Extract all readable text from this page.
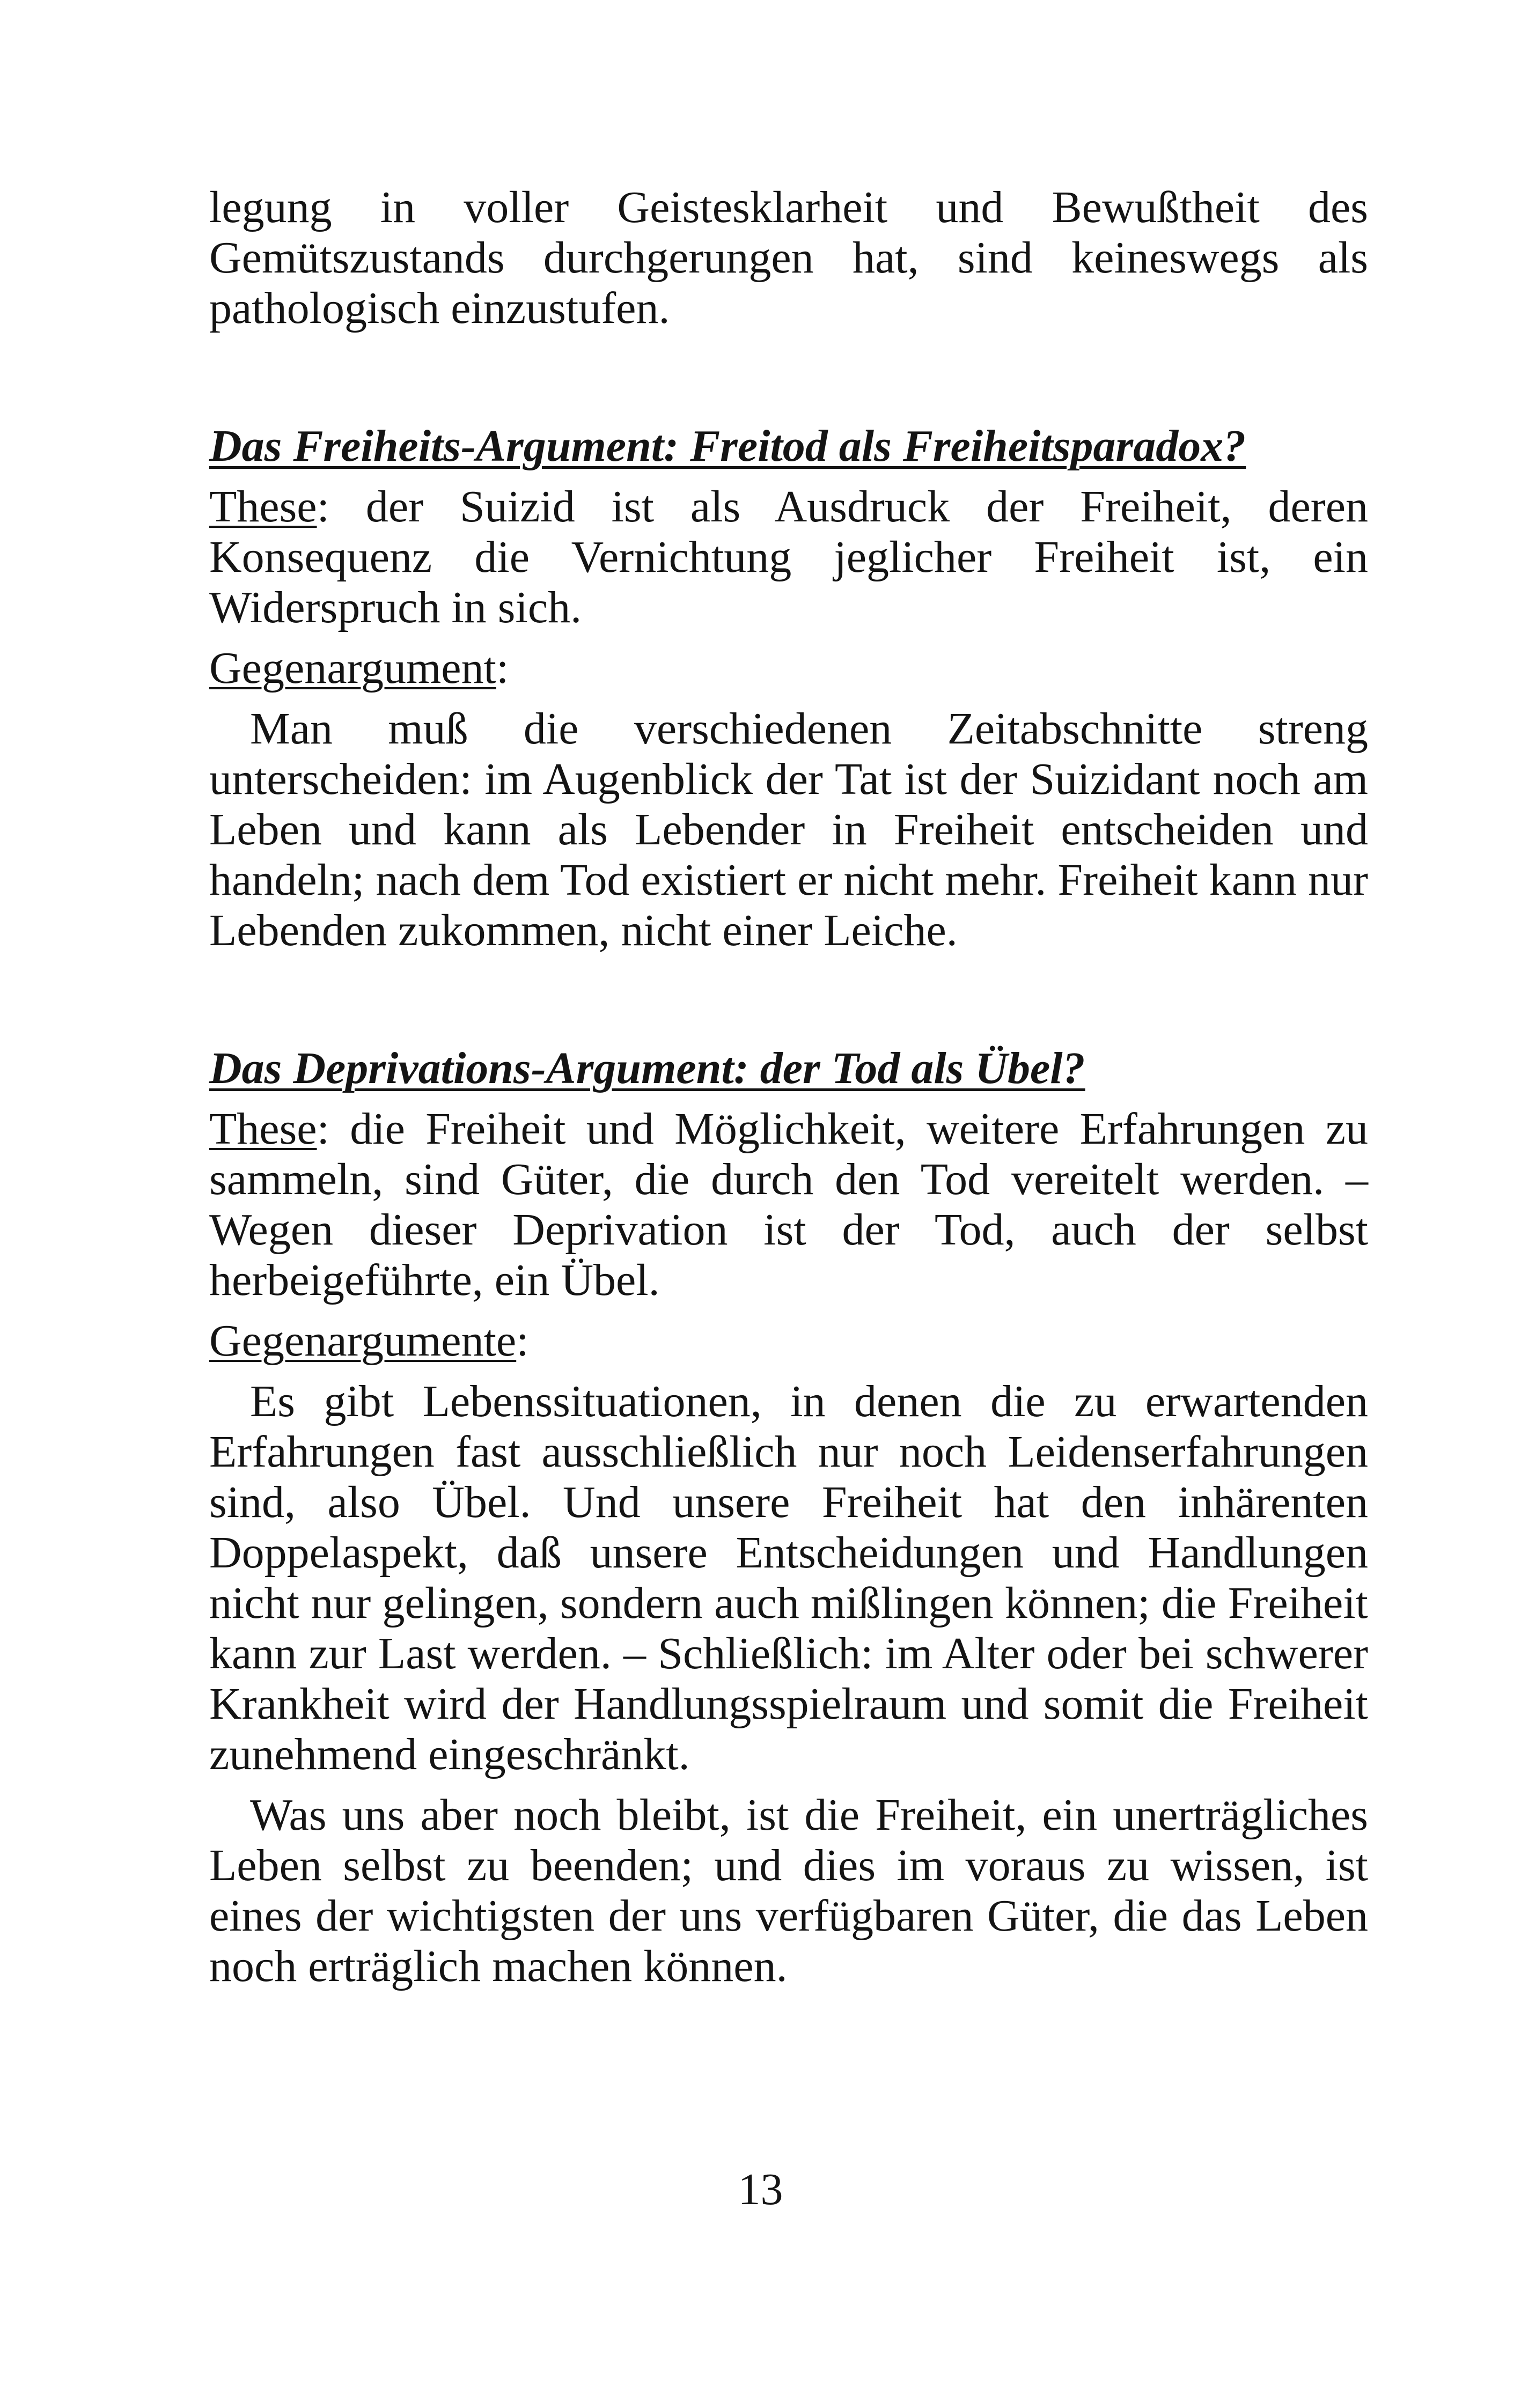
legung in voller Geistesklarheit und Bewußtheit des Gemütszustands durchgerungen hat, sind keineswegs als pathologisch einzustufen.

Das Freiheits-Argument: Freitod als Freiheitsparadox?

These: der Suizid ist als Ausdruck der Freiheit, deren Konsequenz die Vernichtung jeglicher Freiheit ist, ein Widerspruch in sich.

Gegenargument:

Man muß die verschiedenen Zeitabschnitte streng unterscheiden: im Augenblick der Tat ist der Suizidant noch am Leben und kann als Lebender in Freiheit entscheiden und handeln; nach dem Tod existiert er nicht mehr. Freiheit kann nur Lebenden zukommen, nicht einer Leiche.

Das Deprivations-Argument: der Tod als Übel?

These: die Freiheit und Möglichkeit, weitere Erfahrungen zu sammeln, sind Güter, die durch den Tod vereitelt werden. – Wegen dieser Deprivation ist der Tod, auch der selbst herbeigeführte, ein Übel.

Gegenargumente:

Es gibt Lebenssituationen, in denen die zu erwartenden Erfahrungen fast ausschließlich nur noch Leidenserfahrungen sind, also Übel. Und unsere Freiheit hat den inhärenten Doppelaspekt, daß unsere Entscheidungen und Handlungen nicht nur gelingen, sondern auch mißlingen können; die Freiheit kann zur Last werden. – Schließlich: im Alter oder bei schwerer Krankheit wird der Handlungsspielraum und somit die Freiheit zunehmend eingeschränkt.

Was uns aber noch bleibt, ist die Freiheit, ein unerträgliches Leben selbst zu beenden; und dies im voraus zu wissen, ist eines der wichtigsten der uns verfügbaren Güter, die das Leben noch erträglich machen können.

13
